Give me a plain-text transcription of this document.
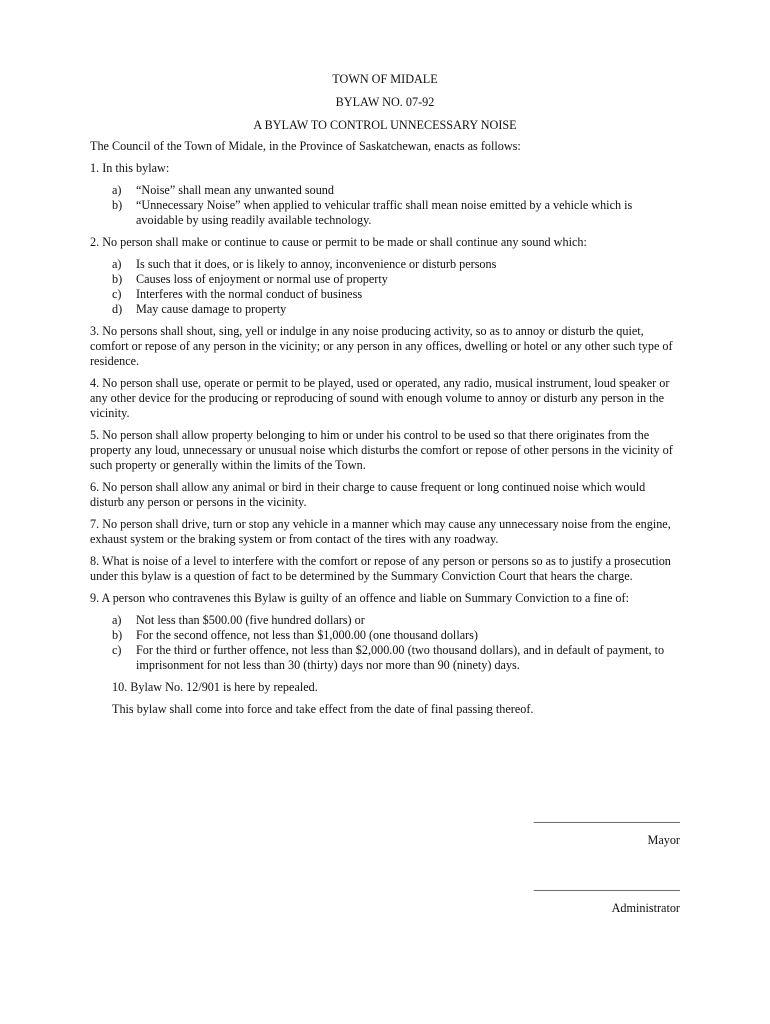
TOWN OF MIDALE
BYLAW NO. 07-92
A BYLAW TO CONTROL UNNECESSARY NOISE

The Council of the Town of Midale, in the Province of Saskatchewan, enacts as follows:

1. In this bylaw:

a) “Noise” shall mean any unwanted sound
b) “Unnecessary Noise” when applied to vehicular traffic shall mean noise emitted by a vehicle which is avoidable by using readily available technology.

2. No person shall make or continue to cause or permit to be made or shall continue any sound which:

a) Is such that it does, or is likely to annoy, inconvenience or disturb persons
b) Causes loss of enjoyment or normal use of property
c) Interferes with the normal conduct of business
d) May cause damage to property

3. No persons shall shout, sing, yell or indulge in any noise producing activity, so as to annoy or disturb the quiet, comfort or repose of any person in the vicinity; or any person in any offices, dwelling or hotel or any other such type of residence.

4. No person shall use, operate or permit to be played, used or operated, any radio, musical instrument, loud speaker or any other device for the producing or reproducing of sound with enough volume to annoy or disturb any person in the vicinity.

5. No person shall allow property belonging to him or under his control to be used so that there originates from the property any loud, unnecessary or unusual noise which disturbs the comfort or repose of other persons in the vicinity of such property or generally within the limits of the Town.

6. No person shall allow any animal or bird in their charge to cause frequent or long continued noise which would disturb any person or persons in the vicinity.

7. No person shall drive, turn or stop any vehicle in a manner which may cause any unnecessary noise from the engine, exhaust system or the braking system or from contact of the tires with any roadway.

8. What is noise of a level to interfere with the comfort or repose of any person or persons so as to justify a prosecution under this bylaw is a question of fact to be determined by the Summary Conviction Court that hears the charge.

9. A person who contravenes this Bylaw is guilty of an offence and liable on Summary Conviction to a fine of:

a) Not less than $500.00 (five hundred dollars) or
b) For the second offence, not less than $1,000.00 (one thousand dollars)
c) For the third or further offence, not less than $2,000.00 (two thousand dollars), and in default of payment, to imprisonment for not less than 30 (thirty) days nor more than 90 (ninety) days.

10. Bylaw No. 12/901 is here by repealed.

This bylaw shall come into force and take effect from the date of final passing thereof.

________________________
Mayor
________________________
Administrator
